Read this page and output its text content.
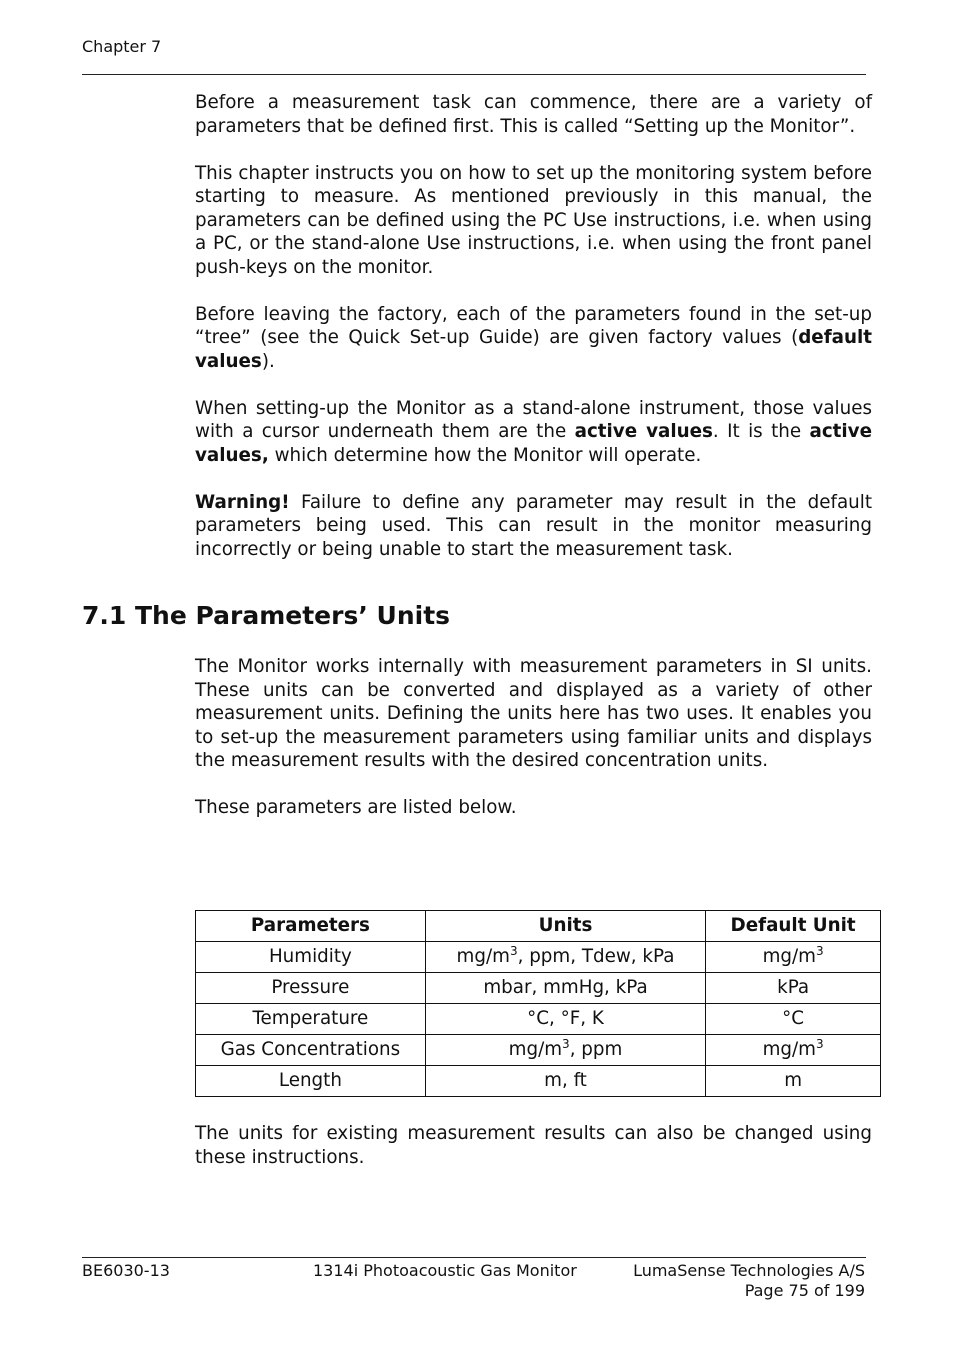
Chapter 7

Before a measurement task can commence, there are a variety of parameters that be defined first. This is called “Setting up the Monitor”.

This chapter instructs you on how to set up the monitoring system before starting to measure. As mentioned previously in this manual, the parameters can be defined using the PC Use instructions, i.e. when using a PC, or the stand-alone Use instructions, i.e. when using the front panel push-keys on the monitor.

Before leaving the factory, each of the parameters found in the set-up “tree” (see the Quick Set-up Guide) are given factory values (default values).

When setting-up the Monitor as a stand-alone instrument, those values with a cursor underneath them are the active values. It is the active values, which determine how the Monitor will operate.

Warning! Failure to define any parameter may result in the default parameters being used. This can result in the monitor measuring incorrectly or being unable to start the measurement task.

7.1 The Parameters’ Units

The Monitor works internally with measurement parameters in SI units. These units can be converted and displayed as a variety of other measurement units. Defining the units here has two uses. It enables you to set-up the measurement parameters using familiar units and displays the measurement results with the desired concentration units.

These parameters are listed below.

Parameters	Units	Default Unit
Humidity	$mg/m^3$, ppm, Tdew, kPa	$mg/m^3$
Pressure	mbar, mmHg, kPa	kPa
Temperature	°C, °F, K	°C
Gas Concentrations	$mg/m^3$, ppm	$mg/m^3$
Length	m, ft	m

The units for existing measurement results can also be changed using these instructions.

BE6030-13	1314i Photoacoustic Gas Monitor	LumaSense Technologies A/S
Page 75 of 199
